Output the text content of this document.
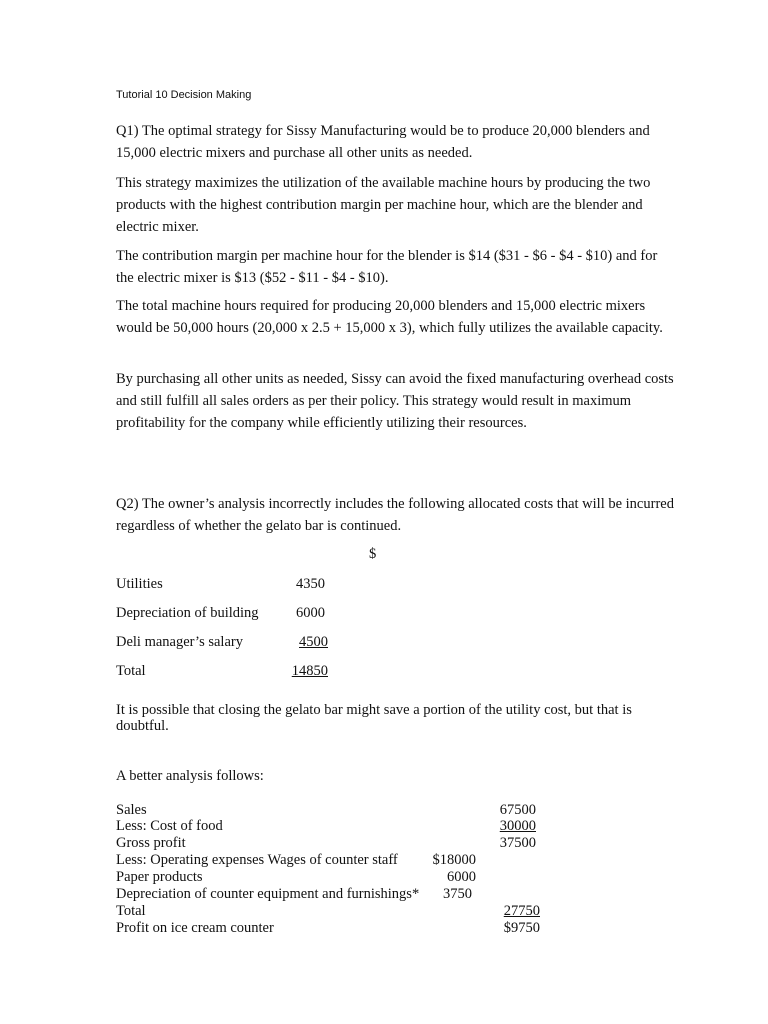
Tutorial 10 Decision Making
Q1) The optimal strategy for Sissy Manufacturing would be to produce 20,000 blenders and 15,000 electric mixers and purchase all other units as needed.
This strategy maximizes the utilization of the available machine hours by producing the two products with the highest contribution margin per machine hour, which are the blender and electric mixer.
The contribution margin per machine hour for the blender is $14 ($31 - $6 - $4 - $10) and for the electric mixer is $13 ($52 - $11 - $4 - $10).
The total machine hours required for producing 20,000 blenders and 15,000 electric mixers would be 50,000 hours (20,000 x 2.5 + 15,000 x 3), which fully utilizes the available capacity.
By purchasing all other units as needed, Sissy can avoid the fixed manufacturing overhead costs and still fulfill all sales orders as per their policy. This strategy would result in maximum profitability for the company while efficiently utilizing their resources.
Q2) The owner’s analysis incorrectly includes the following allocated costs that will be incurred regardless of whether the gelato bar is continued.
$
Utilities	4350
Depreciation of building	6000
Deli manager’s salary	4500
Total	14850
It is possible that closing the gelato bar might save a portion of the utility cost, but that is doubtful.
A better analysis follows:
Sales	67500
Less: Cost of food	30000
Gross profit	37500
Less: Operating expenses Wages of counter staff	$18000
Paper products	6000
Depreciation of counter equipment and furnishings* 3750
Total	27750
Profit on ice cream counter	$9750
